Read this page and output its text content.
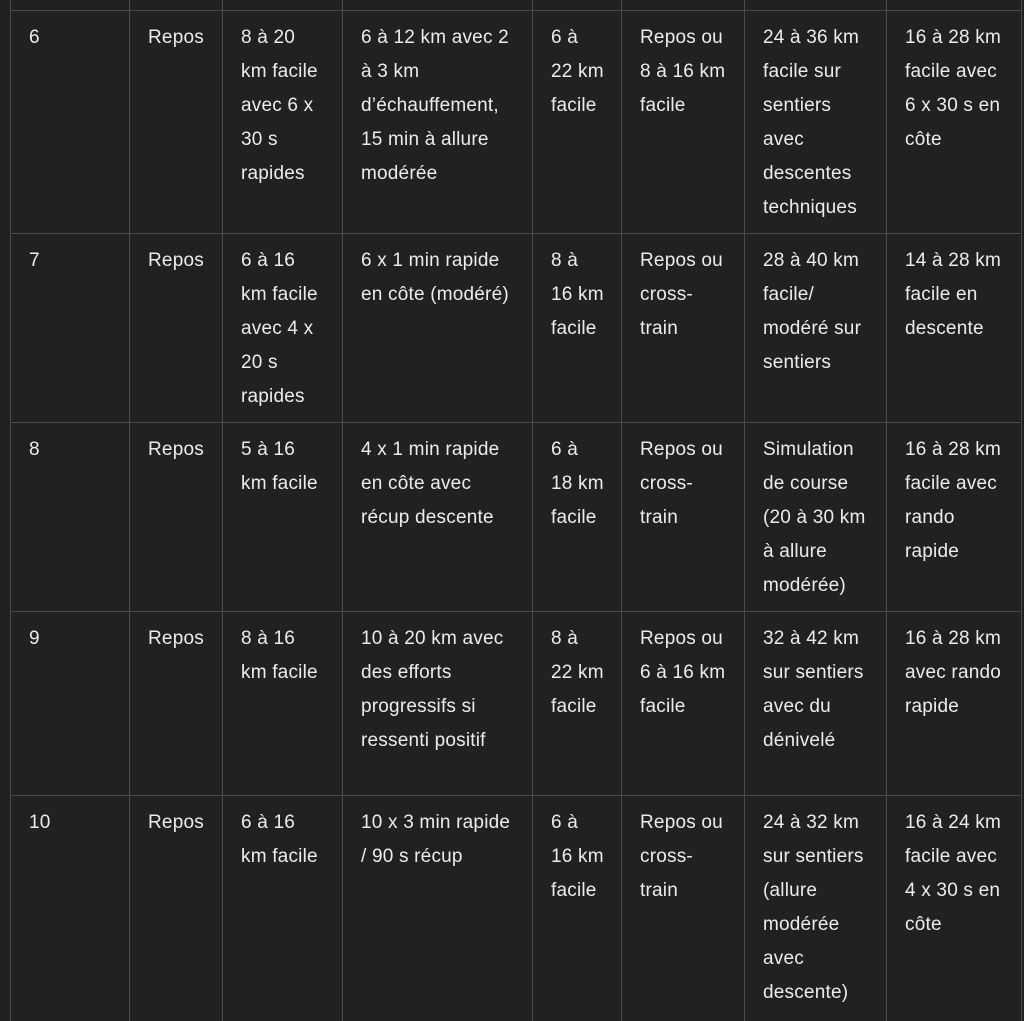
6	Repos	8 à 20 km facile avec 6 x 30 s rapides	6 à 12 km avec 2 à 3 km d’échauffement, 15 min à allure modérée	6 à 22 km facile	Repos ou 8 à 16 km facile	24 à 36 km facile sur sentiers avec descentes techniques	16 à 28 km facile avec 6 x 30 s en côte
7	Repos	6 à 16 km facile avec 4 x 20 s rapides	6 x 1 min rapide en côte (modéré)	8 à 16 km facile	Repos ou cross-train	28 à 40 km facile/ modéré sur sentiers	14 à 28 km facile en descente
8	Repos	5 à 16 km facile	4 x 1 min rapide en côte avec récup descente	6 à 18 km facile	Repos ou cross-train	Simulation de course (20 à 30 km à allure modérée)	16 à 28 km facile avec rando rapide
9	Repos	8 à 16 km facile	10 à 20 km avec des efforts progressifs si ressenti positif	8 à 22 km facile	Repos ou 6 à 16 km facile	32 à 42 km sur sentiers avec du dénivelé	16 à 28 km avec rando rapide
10	Repos	6 à 16 km facile	10 x 3 min rapide / 90 s récup	6 à 16 km facile	Repos ou cross-train	24 à 32 km sur sentiers (allure modérée avec descente)	16 à 24 km facile avec 4 x 30 s en côte
